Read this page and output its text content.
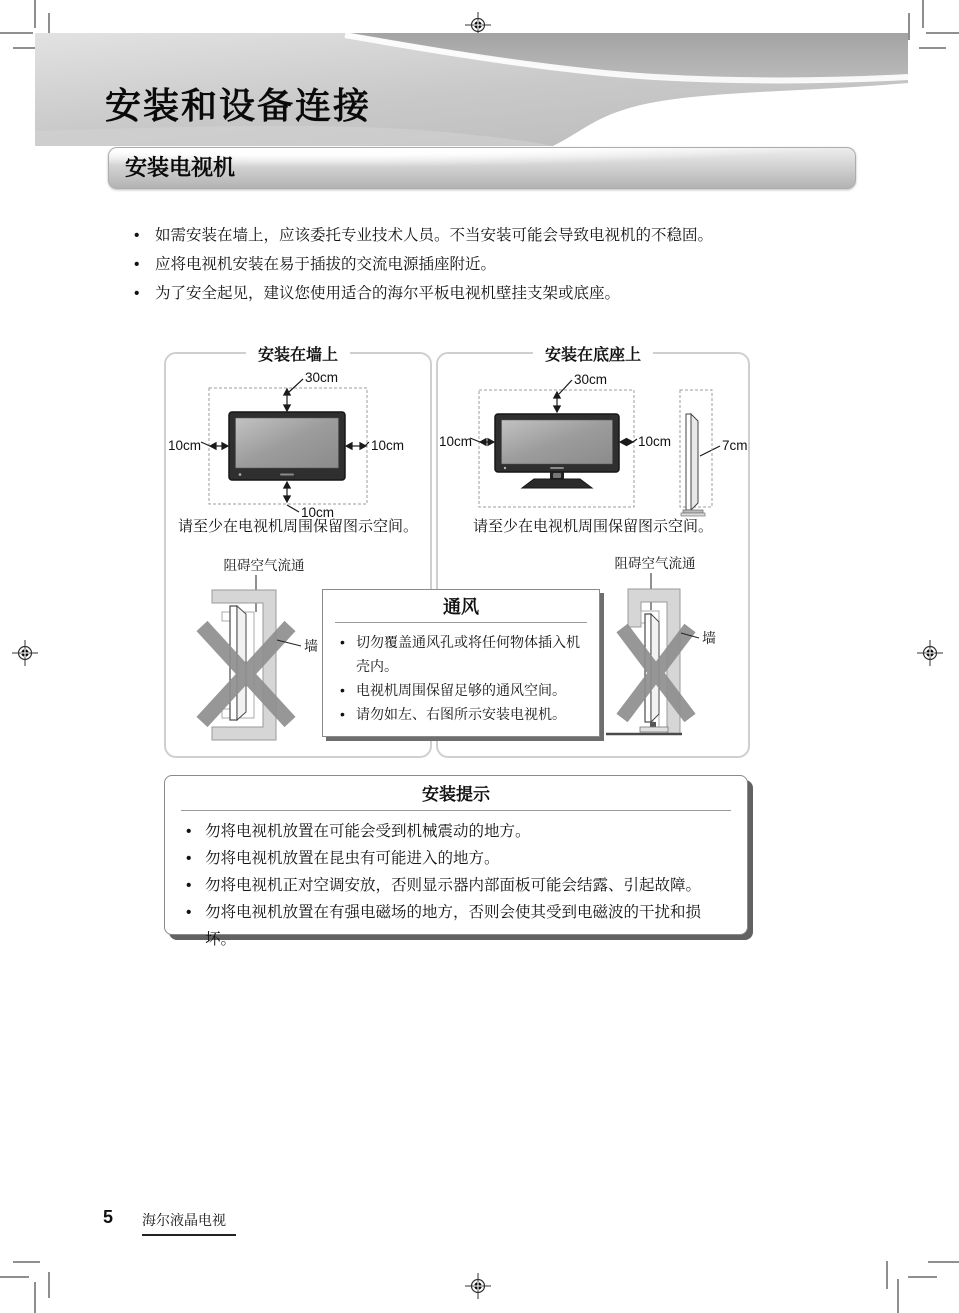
安装和设备连接
安装电视机
• 如需安装在墙上，应该委托专业技术人员。不当安装可能会导致电视机的不稳固。
• 应将电视机安装在易于插拔的交流电源插座附近。
• 为了安全起见，建议您使用适合的海尔平板电视机壁挂支架或底座。
安装在墙上
30cm
10cm	10cm
10cm
请至少在电视机周围保留图示空间。
阻碍空气流通
墙
安装在底座上
30cm
10cm	10cm	7cm
请至少在电视机周围保留图示空间。
阻碍空气流通
墙
通风
• 切勿覆盖通风孔或将任何物体插入机壳内。
• 电视机周围保留足够的通风空间。
• 请勿如左、右图所示安装电视机。
安装提示
• 勿将电视机放置在可能会受到机械震动的地方。
• 勿将电视机放置在昆虫有可能进入的地方。
• 勿将电视机正对空调安放，否则显示器内部面板可能会结露、引起故障。
• 勿将电视机放置在有强电磁场的地方，否则会使其受到电磁波的干扰和损坏。
5 海尔液晶电视
